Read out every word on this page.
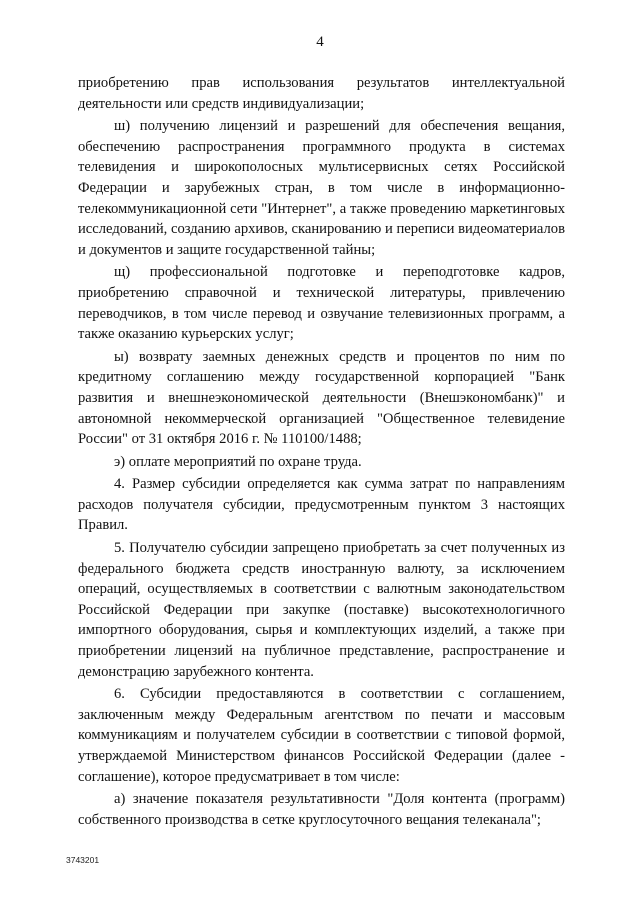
4

приобретению прав использования результатов интеллектуальной деятельности или средств индивидуализации;

ш) получению лицензий и разрешений для обеспечения вещания, обеспечению распространения программного продукта в системах телевидения и широкополосных мультисервисных сетях Российской Федерации и зарубежных стран, в том числе в информационно-телекоммуникационной сети "Интернет", а также проведению маркетинговых исследований, созданию архивов, сканированию и переписи видеоматериалов и документов и защите государственной тайны;

щ) профессиональной подготовке и переподготовке кадров, приобретению справочной и технической литературы, привлечению переводчиков, в том числе перевод и озвучание телевизионных программ, а также оказанию курьерских услуг;

ы) возврату заемных денежных средств и процентов по ним по кредитному соглашению между государственной корпорацией "Банк развития и внешнеэкономической деятельности (Внешэкономбанк)" и автономной некоммерческой организацией "Общественное телевидение России" от 31 октября 2016 г. № 110100/1488;

э) оплате мероприятий по охране труда.

4. Размер субсидии определяется как сумма затрат по направлениям расходов получателя субсидии, предусмотренным пунктом 3 настоящих Правил.

5. Получателю субсидии запрещено приобретать за счет полученных из федерального бюджета средств иностранную валюту, за исключением операций, осуществляемых в соответствии с валютным законодательством Российской Федерации при закупке (поставке) высокотехнологичного импортного оборудования, сырья и комплектующих изделий, а также при приобретении лицензий на публичное представление, распространение и демонстрацию зарубежного контента.

6. Субсидии предоставляются в соответствии с соглашением, заключенным между Федеральным агентством по печати и массовым коммуникациям и получателем субсидии в соответствии с типовой формой, утверждаемой Министерством финансов Российской Федерации (далее - соглашение), которое предусматривает в том числе:

а) значение показателя результативности "Доля контента (программ) собственного производства в сетке круглосуточного вещания телеканала";

3743201
